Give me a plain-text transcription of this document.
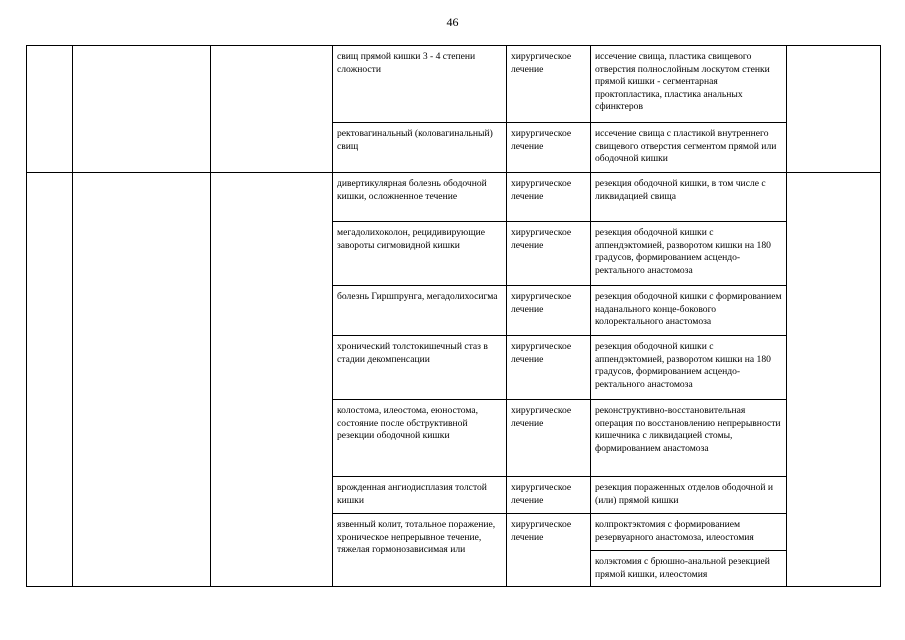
46
			свищ прямой кишки 3 - 4 степени сложности	хирургическое лечение	иссечение свища, пластика свищевого отверстия полнослойным лоскутом стенки прямой кишки - сегментарная проктопластика, пластика анальных сфинктеров	
			ректовагинальный (коловагинальный) свищ	хирургическое лечение	иссечение свища с пластикой внутреннего свищевого отверстия сегментом прямой или ободочной кишки	
			дивертикулярная болезнь ободочной кишки, осложненное течение	хирургическое лечение	резекция ободочной кишки, в том числе с ликвидацией свища	
			мегадолихоколон, рецидивирующие завороты сигмовидной кишки	хирургическое лечение	резекция ободочной кишки с аппендэктомией, разворотом кишки на 180 градусов, формированием асцендо-ректального анастомоза	
			болезнь Гиршпрунга, мегадолихосигма	хирургическое лечение	резекция ободочной кишки с формированием наданального конце-бокового колоректального анастомоза	
			хронический толстокишечный стаз в стадии декомпенсации	хирургическое лечение	резекция ободочной кишки с аппендэктомией, разворотом кишки на 180 градусов, формированием асцендо-ректального анастомоза	
			колостома, илеостома, еюностома, состояние после обструктивной резекции ободочной кишки	хирургическое лечение	реконструктивно-восстановительная операция по восстановлению непрерывности кишечника с ликвидацией стомы, формированием анастомоза	
			врожденная ангиодисплазия толстой кишки	хирургическое лечение	резекция пораженных отделов ободочной и (или) прямой кишки	
			язвенный колит, тотальное поражение, хроническое непрерывное течение, тяжелая гормонозависимая или	хирургическое лечение	колпроктэктомия с формированием резервуарного анастомоза, илеостомия	
					колэктомия с брюшно-анальной резекцией прямой кишки, илеостомия	
